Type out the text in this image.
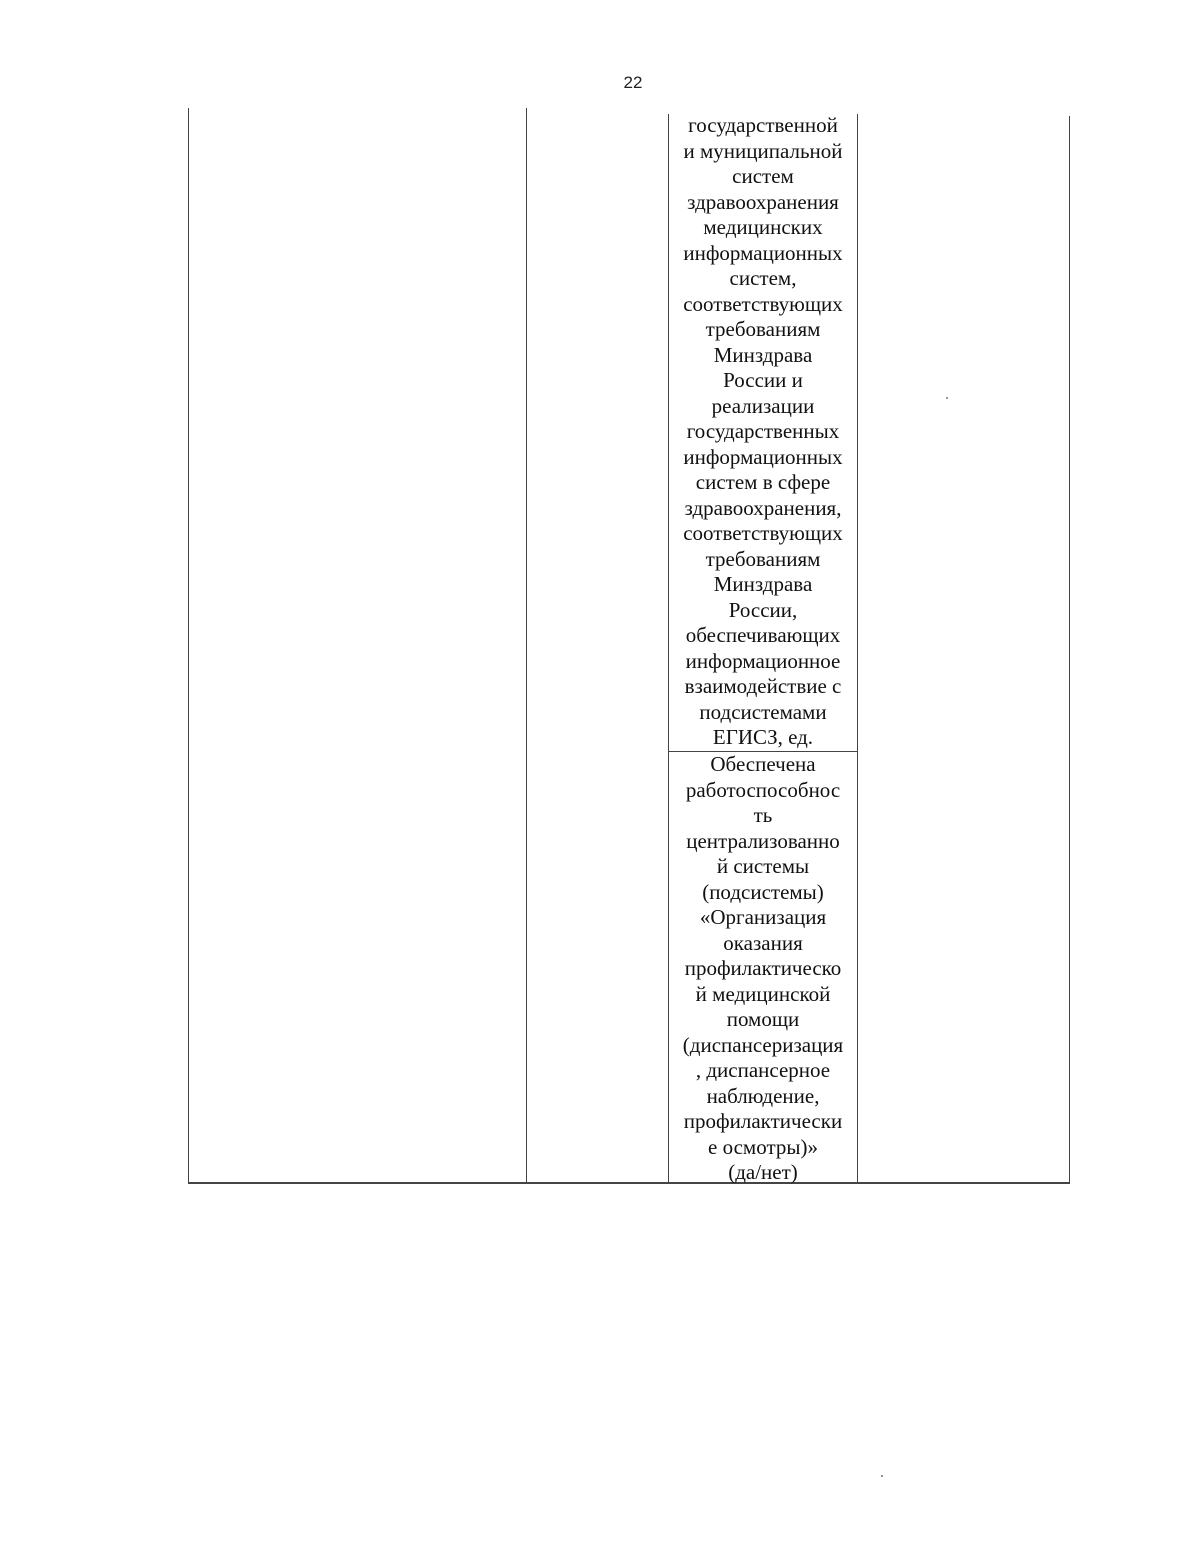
22
государственной
и муниципальной
систем
здравоохранения
медицинских
информационных
систем,
соответствующих
требованиям
Минздрава
России и
реализации
государственных
информационных
систем в сфере
здравоохранения,
соответствующих
требованиям
Минздрава
России,
обеспечивающих
информационное
взаимодействие с
подсистемами
ЕГИСЗ, ед.
Обеспечена
работоспособнос
ть
централизованно
й системы
(подсистемы)
«Организация
оказания
профилактическо
й медицинской
помощи
(диспансеризация
, диспансерное
наблюдение,
профилактически
е осмотры)»
(да/нет)
